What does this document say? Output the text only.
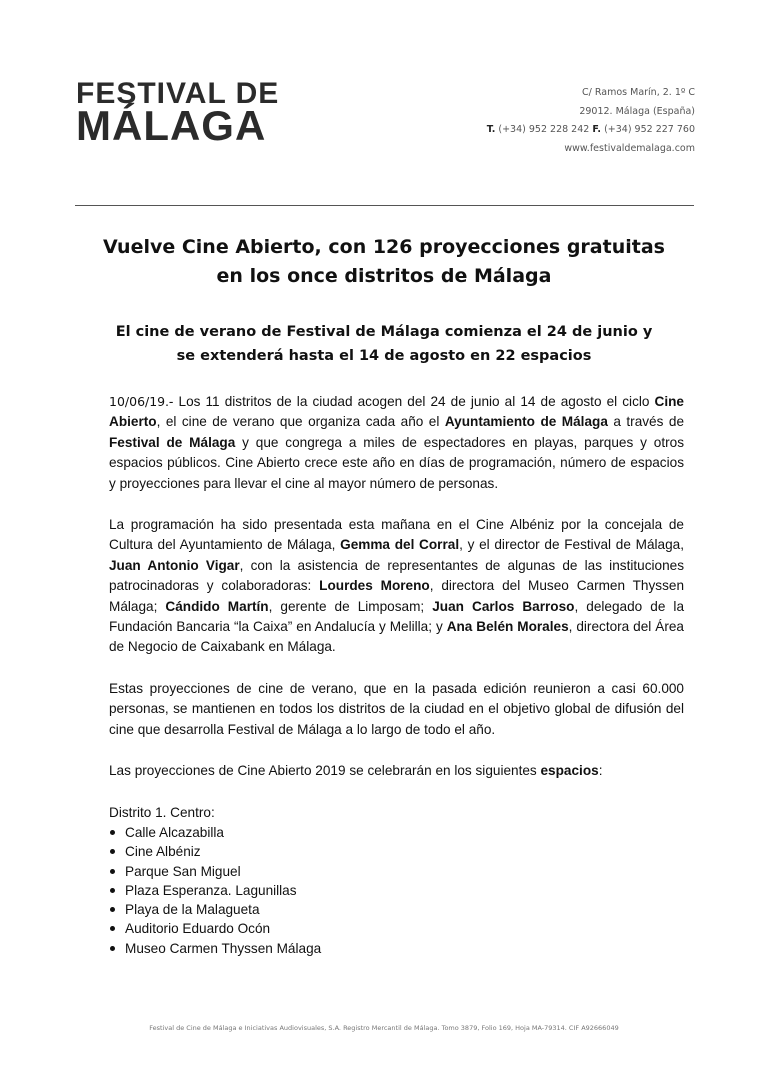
FESTIVAL DE
MÁLAGA
C/ Ramos Marín, 2. 1º C
29012. Málaga (España)
T. (+34) 952 228 242 F. (+34) 952 227 760
www.festivaldemalaga.com
Vuelve Cine Abierto, con 126 proyecciones gratuitas en los once distritos de Málaga
El cine de verano de Festival de Málaga comienza el 24 de junio y se extenderá hasta el 14 de agosto en 22 espacios

10/06/19.- Los 11 distritos de la ciudad acogen del 24 de junio al 14 de agosto el ciclo Cine Abierto, el cine de verano que organiza cada año el Ayuntamiento de Málaga a través de Festival de Málaga y que congrega a miles de espectadores en playas, parques y otros espacios públicos. Cine Abierto crece este año en días de programación, número de espacios y proyecciones para llevar el cine al mayor número de personas.

La programación ha sido presentada esta mañana en el Cine Albéniz por la concejala de Cultura del Ayuntamiento de Málaga, Gemma del Corral, y el director de Festival de Málaga, Juan Antonio Vigar, con la asistencia de representantes de algunas de las instituciones patrocinadoras y colaboradoras: Lourdes Moreno, directora del Museo Carmen Thyssen Málaga; Cándido Martín, gerente de Limposam; Juan Carlos Barroso, delegado de la Fundación Bancaria “la Caixa” en Andalucía y Melilla; y Ana Belén Morales, directora del Área de Negocio de Caixabank en Málaga.

Estas proyecciones de cine de verano, que en la pasada edición reunieron a casi 60.000 personas, se mantienen en todos los distritos de la ciudad en el objetivo global de difusión del cine que desarrolla Festival de Málaga a lo largo de todo el año.

Las proyecciones de Cine Abierto 2019 se celebrarán en los siguientes espacios:

Distrito 1. Centro:
Calle Alcazabilla
Cine Albéniz
Parque San Miguel
Plaza Esperanza. Lagunillas
Playa de la Malagueta
Auditorio Eduardo Ocón
Museo Carmen Thyssen Málaga
Festival de Cine de Málaga e Iniciativas Audiovisuales, S.A. Registro Mercantil de Málaga. Tomo 3879, Folio 169, Hoja MA-79314. CIF A92666049
